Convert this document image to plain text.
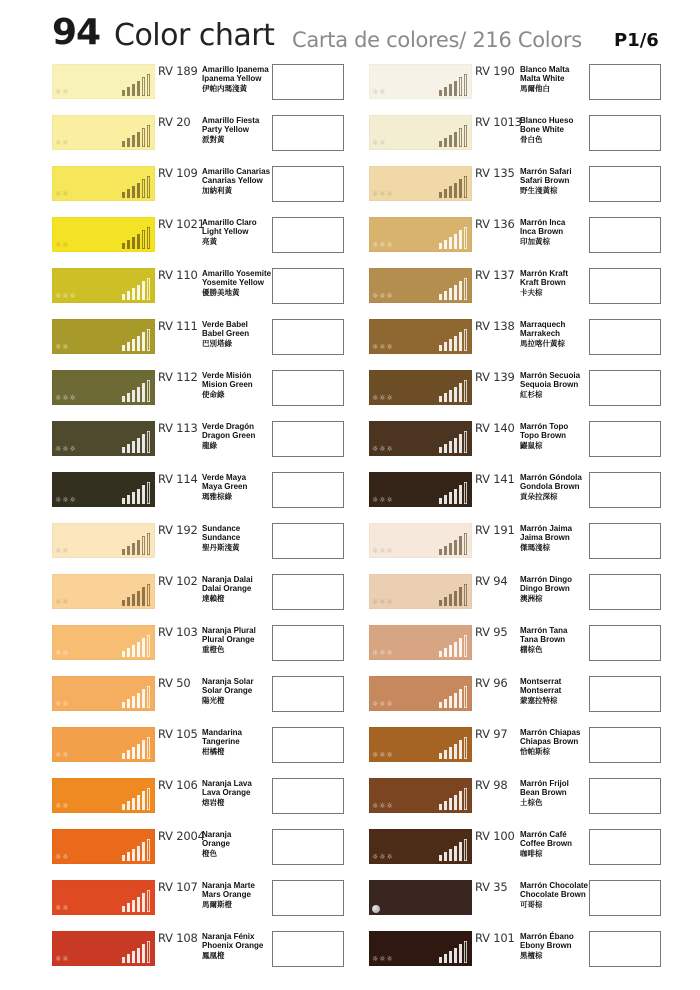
94 Color chart Carta de colores/ 216 Colors P1/6
☼☼
RV 189 Amarillo Ipanema
Ipanema Yellow
伊帕内瑪淺黃
☼☼
RV 20 Amarillo Fiesta
Party Yellow
派對黃
☼☼
RV 109 Amarillo Canarias
Canarias Yellow
加納利黃
☼☼
RV 1021
Amarillo Claro
Light Yellow
亮黃
☼☼☼
RV 110 Amarillo Yosemite
Yosemite Yellow
優勝美地黃
☼☼
RV 111 Verde Babel
Babel Green
巴別塔綠
☼☼☼
RV 112 Verde Misión
Mision Green
使命綠
☼☼☼
RV 113 Verde Dragón
Dragon Green
龍綠
☼☼☼
RV 114 Verde Maya
Maya Green
瑪雅棕綠
☼☼
RV 192 Sundance
Sundance
聖丹斯淺黃
☼☼
RV 102 Naranja Dalai
Dalai Orange
達賴橙
☼☼
RV 103 Naranja Plural
Plural Orange
重橙色
☼☼
RV 50 Naranja Solar
Solar Orange
陽光橙
☼☼
RV 105 Mandarina
Tangerine
柑橘橙
☼☼
RV 106 Naranja Lava
Lava Orange
熔岩橙
☼☼
RV 2004
Naranja
Orange
橙色
☼☼
RV 107 Naranja Marte
Mars Orange
馬爾斯橙
☼☼
RV 108 Naranja Fénix
Phoenix Orange
鳳凰橙
☼☼
RV 190 Blanco Malta
Malta White
馬爾他白
☼☼
RV 1013
Blanco Hueso
Bone White
骨白色
☼☼☼
RV 135 Marrón Safari
Safari Brown
野生淺黃棕
☼☼☼
RV 136 Marrón Inca
Inca Brown
印加黃棕
☼☼☼
RV 137 Marrón Kraft
Kraft Brown
卡夫棕
☼☼☼
RV 138 Marraquech
Marrakech
馬拉喀什黃棕
☼☼☼
RV 139 Marrón Secuoia
Sequoia Brown
紅杉棕
☼☼☼
RV 140 Marrón Topo
Topo Brown
鼹鼠棕
☼☼☼
RV 141 Marrón Góndola
Gondola Brown
貢朵拉深棕
☼☼☼
RV 191 Marrón Jaima
Jaima Brown
傑瑪淺棕
☼☼☼
RV 94 Marrón Dingo
Dingo Brown
澳洲棕
☼☼☼
RV 95 Marrón Tana
Tana Brown
棚棕色
☼☼☼
RV 96 Montserrat
Montserrat
蒙塞拉特棕
☼☼☼
RV 97 Marrón Chiapas
Chiapas Brown
恰帕斯棕
☼☼☼
RV 98 Marrón Frijol
Bean Brown
土棕色
☼☼☼
RV 100 Marrón Café
Coffee Brown
咖啡棕
RV 35 Marrón Chocolate
Chocolate Brown
可哥棕
☼☼☼
RV 101 Marrón Ébano
Ebony Brown
黑檀棕
